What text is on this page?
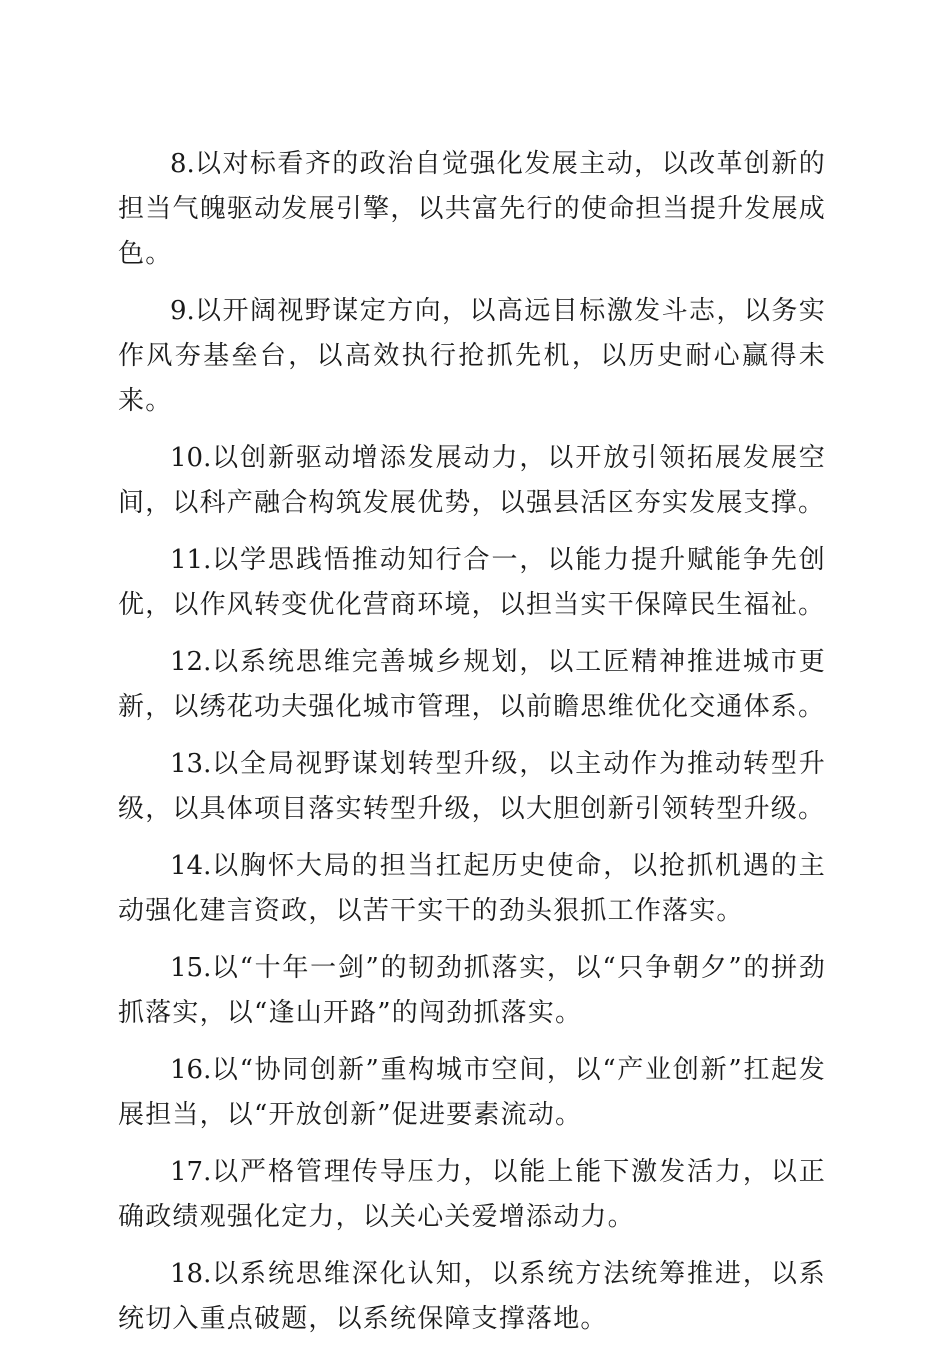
8.以对标看齐的政治自觉强化发展主动，以改革创新的担当气魄驱动发展引擎，以共富先行的使命担当提升发展成色。

9.以开阔视野谋定方向，以高远目标激发斗志，以务实作风夯基垒台，以高效执行抢抓先机，以历史耐心赢得未来。

10.以创新驱动增添发展动力，以开放引领拓展发展空间，以科产融合构筑发展优势，以强县活区夯实发展支撑。

11.以学思践悟推动知行合一，以能力提升赋能争先创优，以作风转变优化营商环境，以担当实干保障民生福祉。

12.以系统思维完善城乡规划，以工匠精神推进城市更新，以绣花功夫强化城市管理，以前瞻思维优化交通体系。

13.以全局视野谋划转型升级，以主动作为推动转型升级，以具体项目落实转型升级，以大胆创新引领转型升级。

14.以胸怀大局的担当扛起历史使命，以抢抓机遇的主动强化建言资政，以苦干实干的劲头狠抓工作落实。

15.以“十年一剑”的韧劲抓落实，以“只争朝夕”的拼劲抓落实，以“逢山开路”的闯劲抓落实。

16.以“协同创新”重构城市空间，以“产业创新”扛起发展担当，以“开放创新”促进要素流动。

17.以严格管理传导压力，以能上能下激发活力，以正确政绩观强化定力，以关心关爱增添动力。

18.以系统思维深化认知，以系统方法统筹推进，以系统切入重点破题，以系统保障支撑落地。
